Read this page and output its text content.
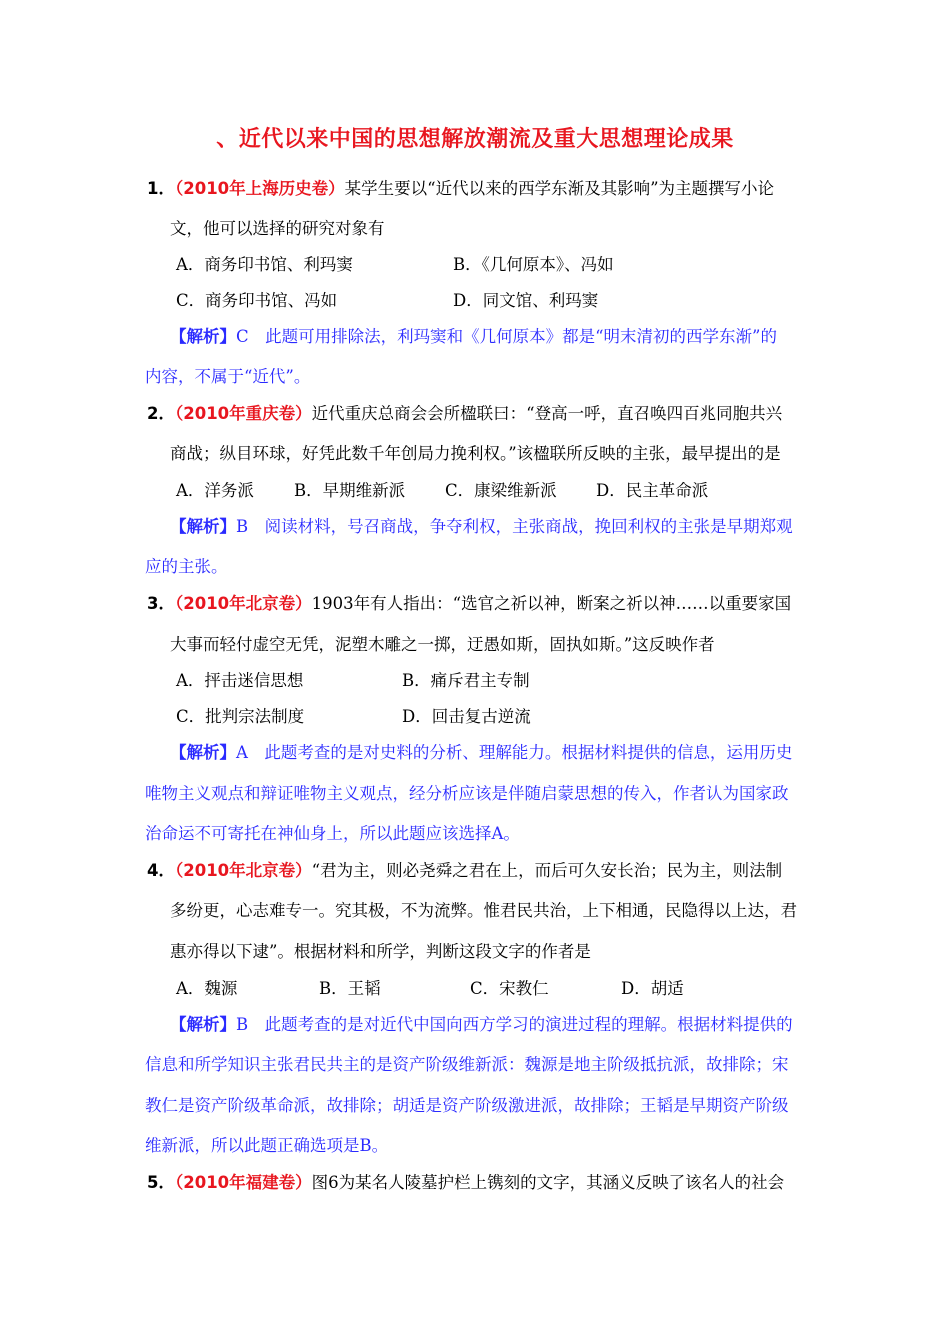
、近代以来中国的思想解放潮流及重大思想理论成果
1．（2010年上海历史卷）某学生要以“近代以来的西学东渐及其影响”为主题撰写小论
文，他可以选择的研究对象有
A．商务印书馆、利玛窦	B．《几何原本》、冯如
C．商务印书馆、冯如	D．同文馆、利玛窦
【解析】C　此题可用排除法，利玛窦和《几何原本》都是“明末清初的西学东渐”的
内容，不属于“近代”。
2．（2010年重庆卷）近代重庆总商会会所楹联曰：“登高一呼，直召唤四百兆同胞共兴
商战；纵目环球，好凭此数千年创局力挽利权。”该楹联所反映的主张，最早提出的是
A．洋务派 B．早期维新派 C．康梁维新派 D．民主革命派
【解析】B　阅读材料，号召商战，争夺利权，主张商战，挽回利权的主张是早期郑观
应的主张。
3．（2010年北京卷）1903年有人指出：“选官之祈以神，断案之祈以神……以重要家国
大事而轻付虚空无凭，泥塑木雕之一掷，迂愚如斯，固执如斯。”这反映作者
A．抨击迷信思想	B．痛斥君主专制
C．批判宗法制度	D．回击复古逆流
【解析】A　此题考查的是对史料的分析、理解能力。根据材料提供的信息，运用历史
唯物主义观点和辩证唯物主义观点，经分析应该是伴随启蒙思想的传入，作者认为国家政
治命运不可寄托在神仙身上，所以此题应该选择A。
4．（2010年北京卷）“君为主，则必尧舜之君在上，而后可久安长治；民为主，则法制
多纷更，心志难专一。究其极，不为流弊。惟君民共治，上下相通，民隐得以上达，君
惠亦得以下逮”。根据材料和所学，判断这段文字的作者是
A．魏源	B．王韬	C．宋教仁	D．胡适
【解析】B　此题考查的是对近代中国向西方学习的演进过程的理解。根据材料提供的
信息和所学知识主张君民共主的是资产阶级维新派：魏源是地主阶级抵抗派，故排除；宋
教仁是资产阶级革命派，故排除；胡适是资产阶级激进派，故排除；王韬是早期资产阶级
维新派，所以此题正确选项是B。
5．（2010年福建卷）图6为某名人陵墓护栏上镌刻的文字，其涵义反映了该名人的社会
